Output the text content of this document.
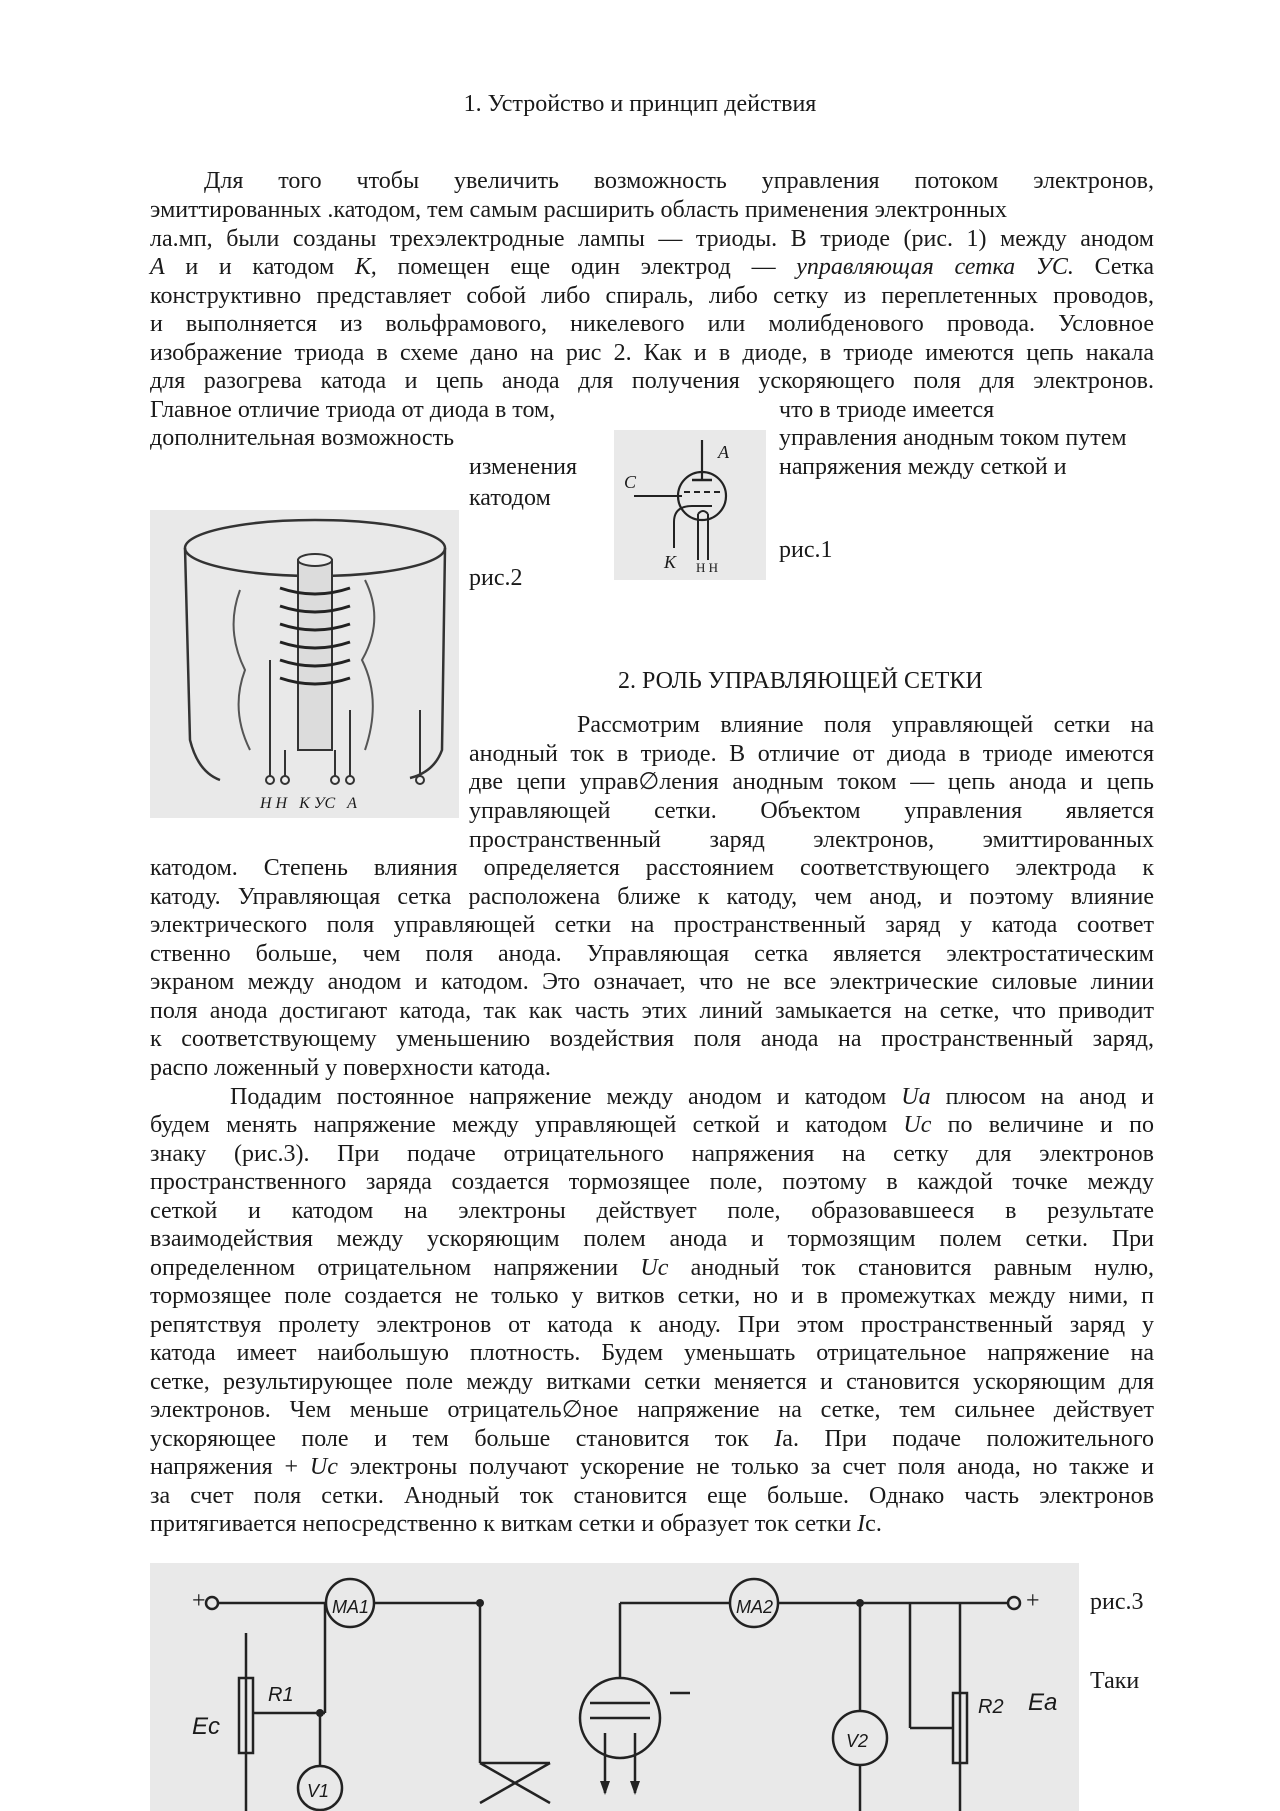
1. Устройство и принцип действия
Для того чтобы увеличить возможность управления потоком электронов,
эмиттированных .катодом, тем самым расширить область применения электронных
ла.мп, были созданы трехэлектродные лампы — триоды. В триоде (рис. 1) между анодом
А и и катодом К, помещен еще один электрод — управляющая сетка УС. Сетка
конструктивно представляет собой либо спираль, либо сетку из переплетенных проводов,
и выполняется из вольфрамового, никелевого или молибденового провода. Условное
изображение триода в схеме дано на рис 2. Как и в диоде, в триоде имеются цепь накала
для разогрева катода и цепь анода для получения ускоряющего поля для электронов.
Главное отличие триода от диода в том,	что в триоде имеется
дополнительная возможность	управления анодным током путем
изменения	напряжения между сеткой и
катодом
А
С
К Н Н
рис.1
Н Н   К УС   А
рис.2
2. РОЛЬ УПРАВЛЯЮЩЕЙ СЕТКИ
Рассмотрим влияние поля управляющей сетки на
анодный ток в триоде. В отличие от диода в триоде имеются
две цепи управ∅ления анодным током — цепь анода и цепь
управляющей сетки. Объектом управления является
пространственный заряд электронов, эмиттированных
катодом. Степень влияния определяется расстоянием соответствующего электрода к
катоду. Управляющая сетка расположена ближе к катоду, чем анод, и поэтому влияние
электрического поля управляющей сетки на пространственный заряд у катода соответ
ственно больше, чем поля анода. Управляющая сетка является электростатическим
экраном между анодом и катодом. Это означает, что не все электрические силовые линии
поля анода достигают катода, так как часть этих линий замыкается на сетке, что приводит
к соответствующему уменьшению воздействия поля анода на пространственный заряд,
распо ложенный у поверхности катода.
Подадим постоянное напряжение между анодом и катодом Ua плюсом на анод и
будем менять напряжение между управляющей сеткой и катодом Uc по величине и по
знаку (рис.3). При подаче отрицательного напряжения на сетку для электронов
пространственного заряда создается тормозящее поле, поэтому в каждой точке между
сеткой и катодом на электроны действует поле, образовавшееся в результате
взаимодействия между ускоряющим полем анода и тормозящим полем сетки. При
определенном отрицательном напряжении Uc анодный ток становится равным нулю,
тормозящее поле создается не только у витков сетки, но и в промежутках между ними, п
репятствуя пролету электронов от катода к аноду. При этом пространственный заряд у
катода имеет наибольшую плотность. Будем уменьшать отрицательное напряжение на
сетке, результирующее поле между витками сетки меняется и становится ускоряющим для
электронов. Чем меньше отрицатель∅ное напряжение на сетке, тем сильнее действует
ускоряющее поле и тем больше становится ток Ia. При подаче положительного
напряжения + Uc электроны получают ускорение не только за счет поля анода, но также и
за счет поля сетки. Анодный ток становится еще больше. Однако часть электронов
притягивается непосредственно к виткам сетки и образует ток сетки Ic.
+	+
MA1	MA2
R1
R2
Ec
Ea
V1
V2
рис.3
Таки
